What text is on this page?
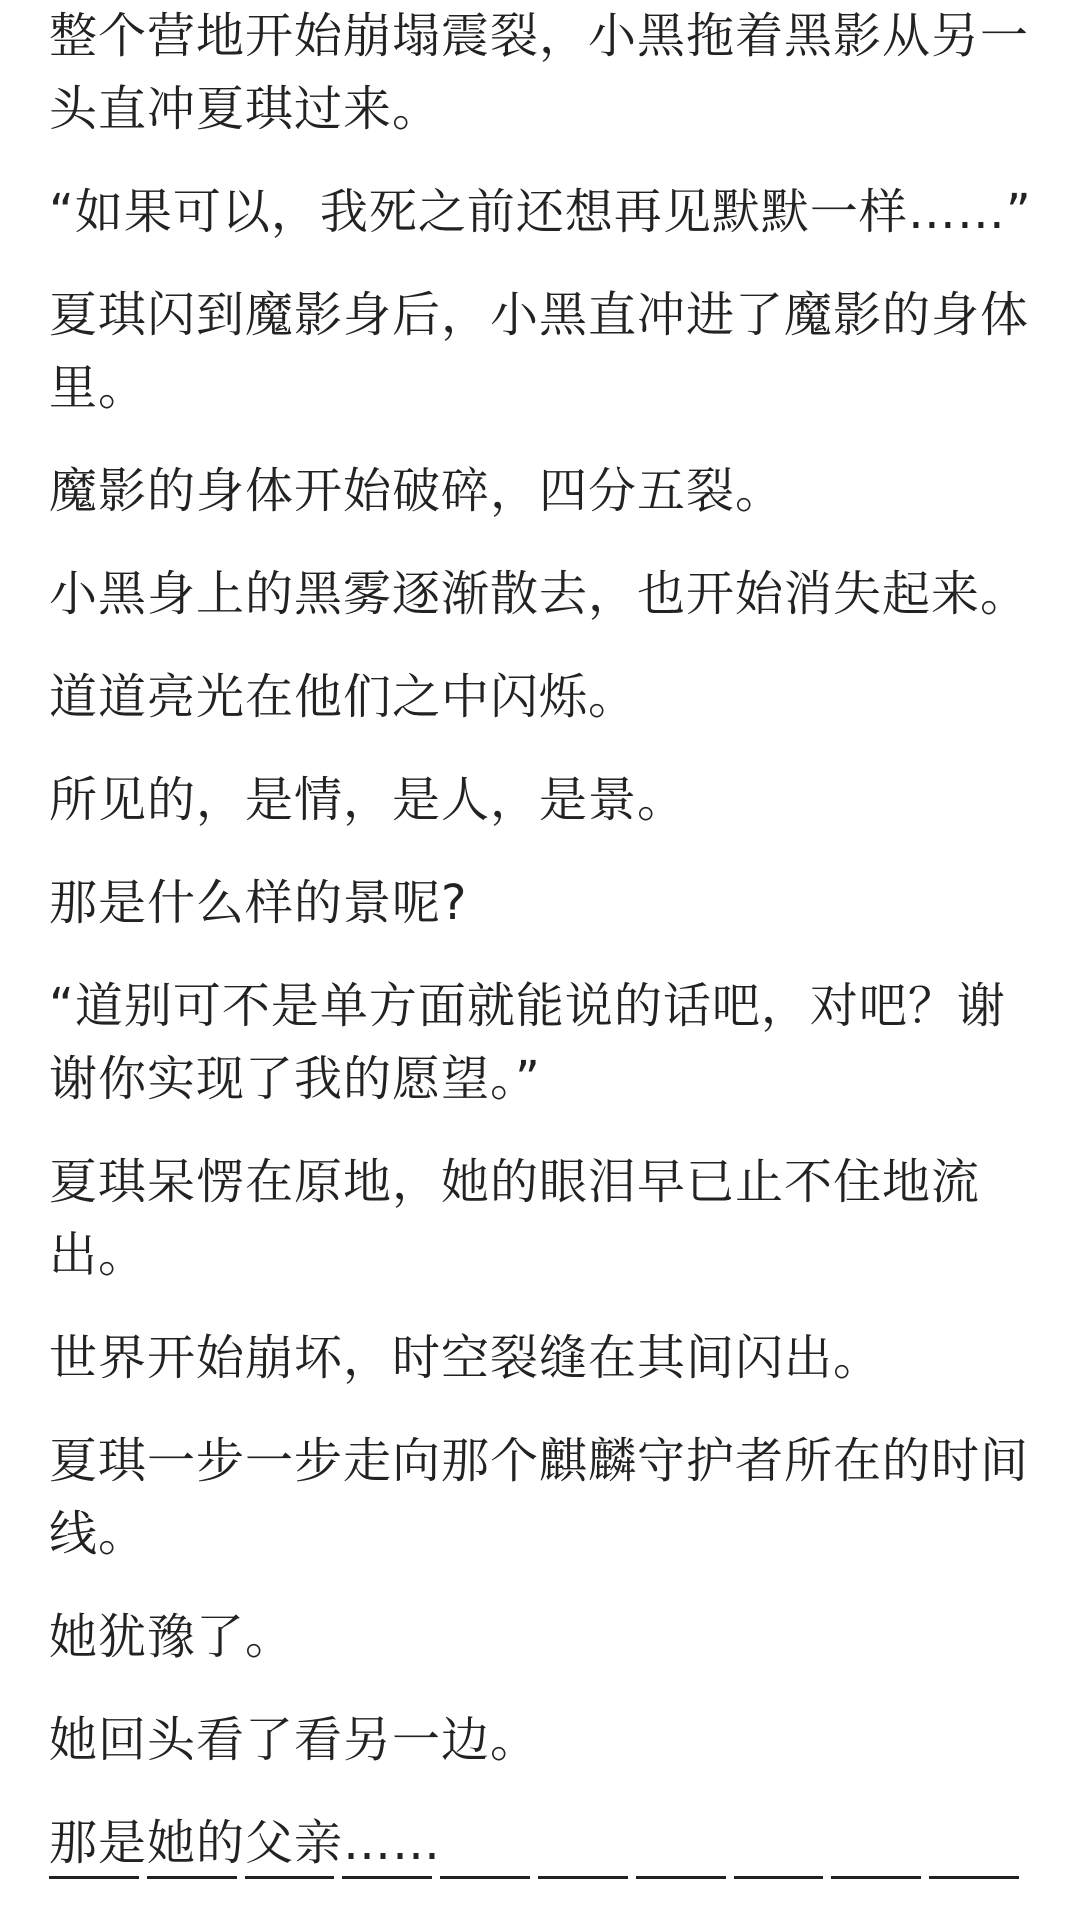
整个营地开始崩塌震裂，小黑拖着黑影从另一
头直冲夏琪过来。

“如果可以，我死之前还想再见默默一样……”

夏琪闪到魔影身后，小黑直冲进了魔影的身体
里。

魔影的身体开始破碎，四分五裂。

小黑身上的黑雾逐渐散去，也开始消失起来。

道道亮光在他们之中闪烁。

所见的，是情，是人，是景。

那是什么样的景呢?

“道别可不是单方面就能说的话吧，对吧？谢
谢你实现了我的愿望。”

夏琪呆愣在原地，她的眼泪早已止不住地流
出。

世界开始崩坏，时空裂缝在其间闪出。

夏琪一步一步走向那个麒麟守护者所在的时间
线。

她犹豫了。

她回头看了看另一边。

那是她的父亲……
